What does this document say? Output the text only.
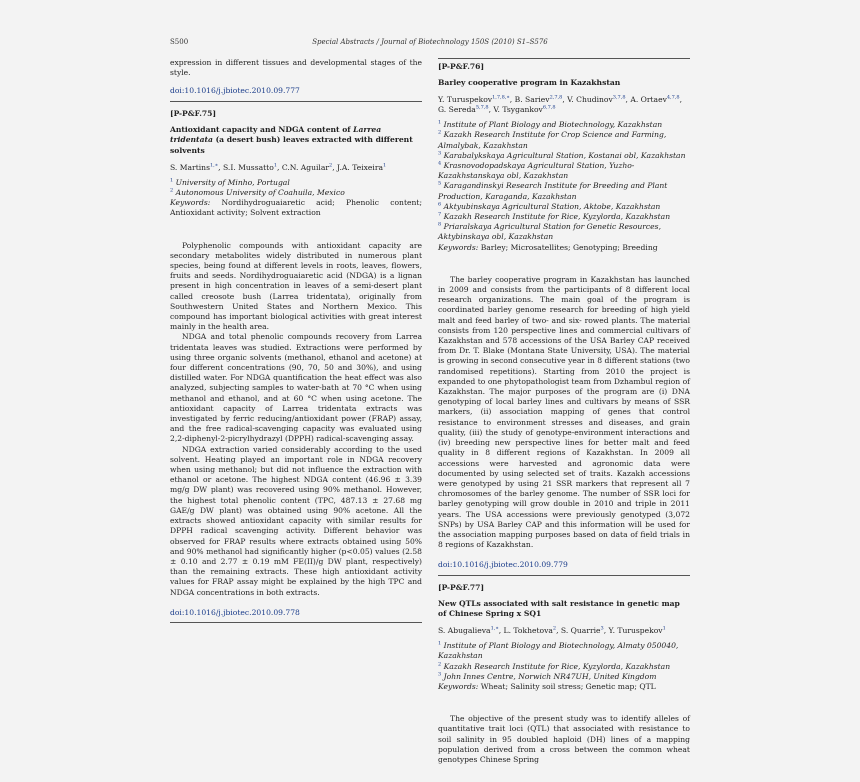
S500	Special Abstracts / Journal of Biotechnology 150S (2010) S1–S576

expression in different tissues and developmental stages of the style.

doi:10.1016/j.jbiotec.2010.09.777
[P-P&F.75]
Antioxidant capacity and NDGA content of Larrea tridentata (a desert bush) leaves extracted with different solvents
S. Martins$^{1,∗}$, S.I. Mussatto$^1$, C.N. Aguilar$^2$, J.A. Teixeira$^1$
$^1$ University of Minho, Portugal
$^2$ Autonomous University of Coahuila, Mexico

Keywords: Nordihydroguaiaretic acid; Phenolic content; Antioxidant activity; Solvent extraction

Polyphenolic compounds with antioxidant capacity are secondary metabolites widely distributed in numerous plant species, being found at different levels in roots, leaves, flowers, fruits and seeds. Nordihydroguaiaretic acid (NDGA) is a lignan present in high concentration in leaves of a semi-desert plant called creosote bush (Larrea tridentata), originally from Southwestern United States and Northern Mexico. This compound has important biological activities with great interest mainly in the health area.

NDGA and total phenolic compounds recovery from Larrea tridentata leaves was studied. Extractions were performed by using three organic solvents (methanol, ethanol and acetone) at four different concentrations (90, 70, 50 and 30%), and using distilled water. For NDGA quantification the heat effect was also analyzed, subjecting samples to water-bath at 70 °C when using methanol and ethanol, and at 60 °C when using acetone. The antioxidant capacity of Larrea tridentata extracts was investigated by ferric reducing/antioxidant power (FRAP) assay, and the free radical-scavenging capacity was evaluated using 2,2-diphenyl-2-picrylhydrazyl (DPPH) radical-scavenging assay.

NDGA extraction varied considerably according to the used solvent. Heating played an important role in NDGA recovery when using methanol; but did not influence the extraction with ethanol or acetone. The highest NDGA content (46.96 ± 3.39 mg/g DW plant) was recovered using 90% methanol. However, the highest total phenolic content (TPC, 487.13 ± 27.68 mg GAE/g DW plant) was obtained using 90% acetone. All the extracts showed antioxidant capacity with similar results for DPPH radical scavenging activity. Different behavior was observed for FRAP results where extracts obtained using 50% and 90% methanol had significantly higher (p<0.05) values (2.58 ± 0.10 and 2.77 ± 0.19 mM FE(II)/g DW plant, respectively) than the remaining extracts. These high antioxidant activity values for FRAP assay might be explained by the high TPC and NDGA concentrations in both extracts.

doi:10.1016/j.jbiotec.2010.09.778
[P-P&F.76]
Barley cooperative program in Kazakhstan
Y. Turuspekov$^{1,7,8,∗}$, B. Sariev$^{2,7,8}$, V. Chudinov$^{3,7,8}$, A. Ortaev$^{4,7,8}$, G. Sereda$^{5,7,8}$, V. Tsygankov$^{6,7,8}$
$^1$ Institute of Plant Biology and Biotechnology, Kazakhstan
$^2$ Kazakh Research Institute for Crop Science and Farming, Almalybak, Kazakhstan
$^3$ Karabalykskaya Agricultural Station, Kostanai obl, Kazakhstan
$^4$ Krasnovodopadskaya Agricultural Station, Yuzho-Kazakhstanskaya obl, Kazakhstan
$^5$ Karagandinskyi Research Institute for Breeding and Plant Production, Karaganda, Kazakhstan
$^6$ Aktyubinskaya Agricultural Station, Aktobe, Kazakhstan
$^7$ Kazakh Research Institute for Rice, Kyzylorda, Kazakhstan
$^8$ Priaralskaya Agricultural Station for Genetic Resources, Aktybinskaya obl, Kazakhstan

Keywords: Barley; Microsatellites; Genotyping; Breeding

The barley cooperative program in Kazakhstan has launched in 2009 and consists from the participants of 8 different local research organizations. The main goal of the program is coordinated barley genome research for breeding of high yield malt and feed barley of two- and six- rowed plants. The material consists from 120 perspective lines and commercial cultivars of Kazakhstan and 578 accessions of the USA Barley CAP received from Dr. T. Blake (Montana State University, USA). The material is growing in second consecutive year in 8 different stations (two randomised repetitions). Starting from 2010 the project is expanded to one phytopathologist team from Dzhambul region of Kazakhstan. The major purposes of the program are (i) DNA genotyping of local barley lines and cultivars by means of SSR markers, (ii) association mapping of genes that control resistance to environment stresses and diseases, and grain quality, (iii) the study of genotype-environment interactions and (iv) breeding new perspective lines for better malt and feed quality in 8 different regions of Kazakhstan. In 2009 all accessions were harvested and agronomic data were documented by using selected set of traits. Kazakh accessions were genotyped by using 21 SSR markers that represent all 7 chromosomes of the barley genome. The number of SSR loci for barley genotyping will grow double in 2010 and triple in 2011 years. The USA accessions were previously genotyped (3,072 SNPs) by USA Barley CAP and this information will be used for the association mapping purposes based on data of field trials in 8 regions of Kazakhstan.

doi:10.1016/j.jbiotec.2010.09.779
[P-P&F.77]
New QTLs associated with salt resistance in genetic map of Chinese Spring x SQ1
S. Abugalieva$^{1,∗}$, L. Tokhetova$^2$, S. Quarrie$^3$, Y. Turuspekov$^1$
$^1$ Institute of Plant Biology and Biotechnology, Almaty 050040, Kazakhstan
$^2$ Kazakh Research Institute for Rice, Kyzylorda, Kazakhstan
$^3$ John Innes Centre, Norwich NR47UH, United Kingdom

Keywords: Wheat; Salinity soil stress; Genetic map; QTL

The objective of the present study was to identify alleles of quantitative trait loci (QTL) that associated with resistance to soil salinity in 95 doubled haploid (DH) lines of a mapping population derived from a cross between the common wheat genotypes Chinese Spring
